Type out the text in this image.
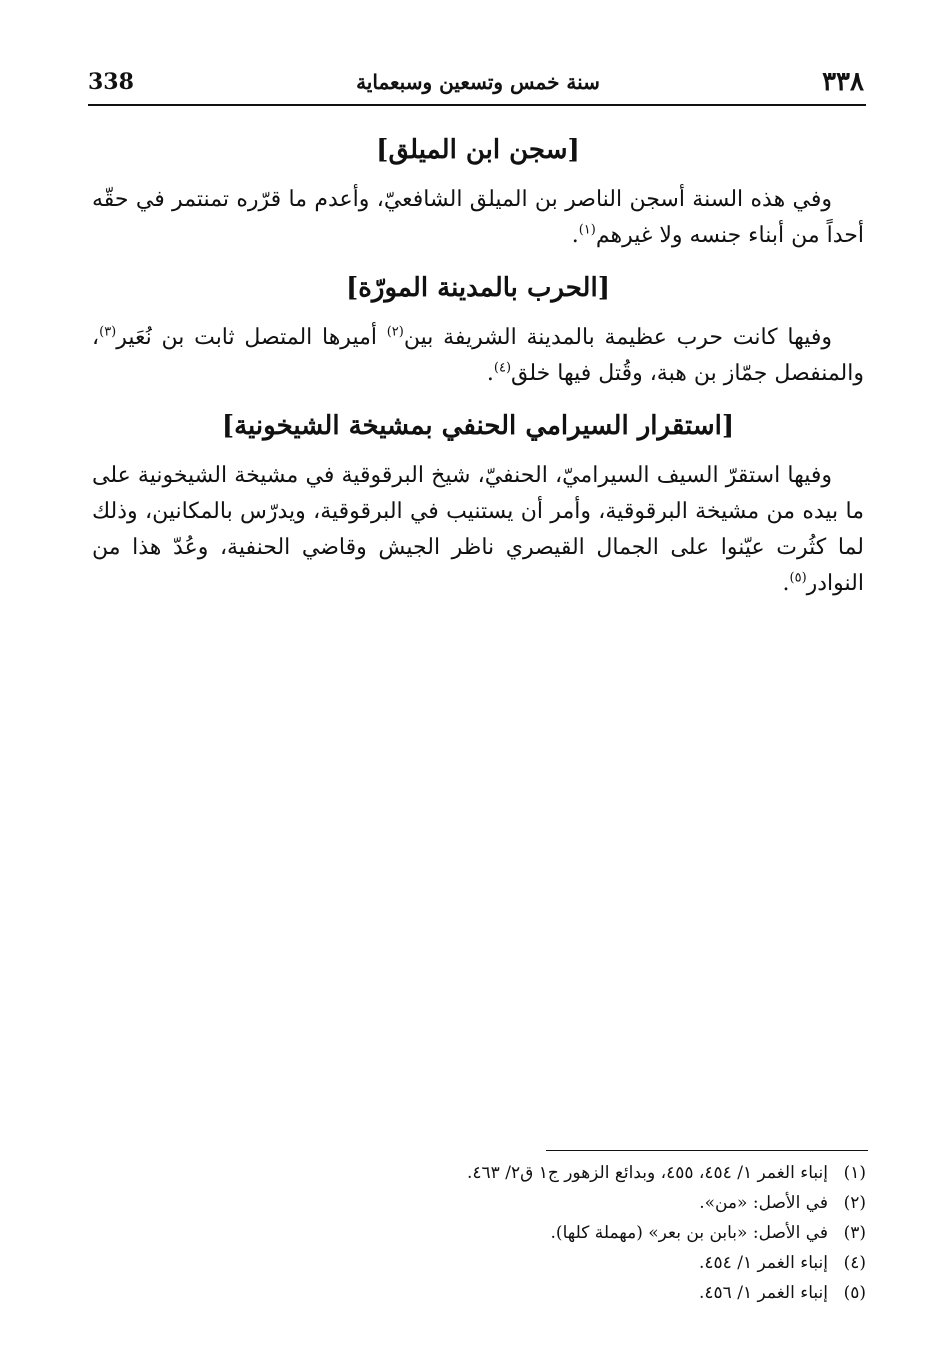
338	سنة خمس وتسعين وسبعماية	٣٣٨
[سجن ابن الميلق]

وفي هذه السنة أسجن الناصر بن الميلق الشافعيّ، وأعدم ما قرّره تمنتمر في حقّه أحداً من أبناء جنسه ولا غيرهم$^{(١)}$.

[الحرب بالمدينة المورّة]

وفيها كانت حرب عظيمة بالمدينة الشريفة بين$^{(٢)}$ أميرها المتصل ثابت بن نُعَير$^{(٣)}$، والمنفصل جمّاز بن هبة، وقُتل فيها خلق$^{(٤)}$.

[استقرار السيرامي الحنفي بمشيخة الشيخونية]

وفيها استقرّ السيف السيراميّ، الحنفيّ، شيخ البرقوقية في مشيخة الشيخونية على ما بيده من مشيخة البرقوقية، وأمر أن يستنيب في البرقوقية، ويدرّس بالمكانين، وذلك لما كثُرت عيّنوا على الجمال القيصري ناظر الجيش وقاضي الحنفية، وعُدّ هذا من النوادر$^{(٥)}$.

(١)
إنباء الغمر ١/ ٤٥٤، ٤٥٥، وبدائع الزهور ج١ ق٢/ ٤٦٣.
(٢)
في الأصل: «من».
(٣)
في الأصل: «بابن بن بعر» (مهملة كلها).
(٤)
إنباء الغمر ١/ ٤٥٤.
(٥)
إنباء الغمر ١/ ٤٥٦.
